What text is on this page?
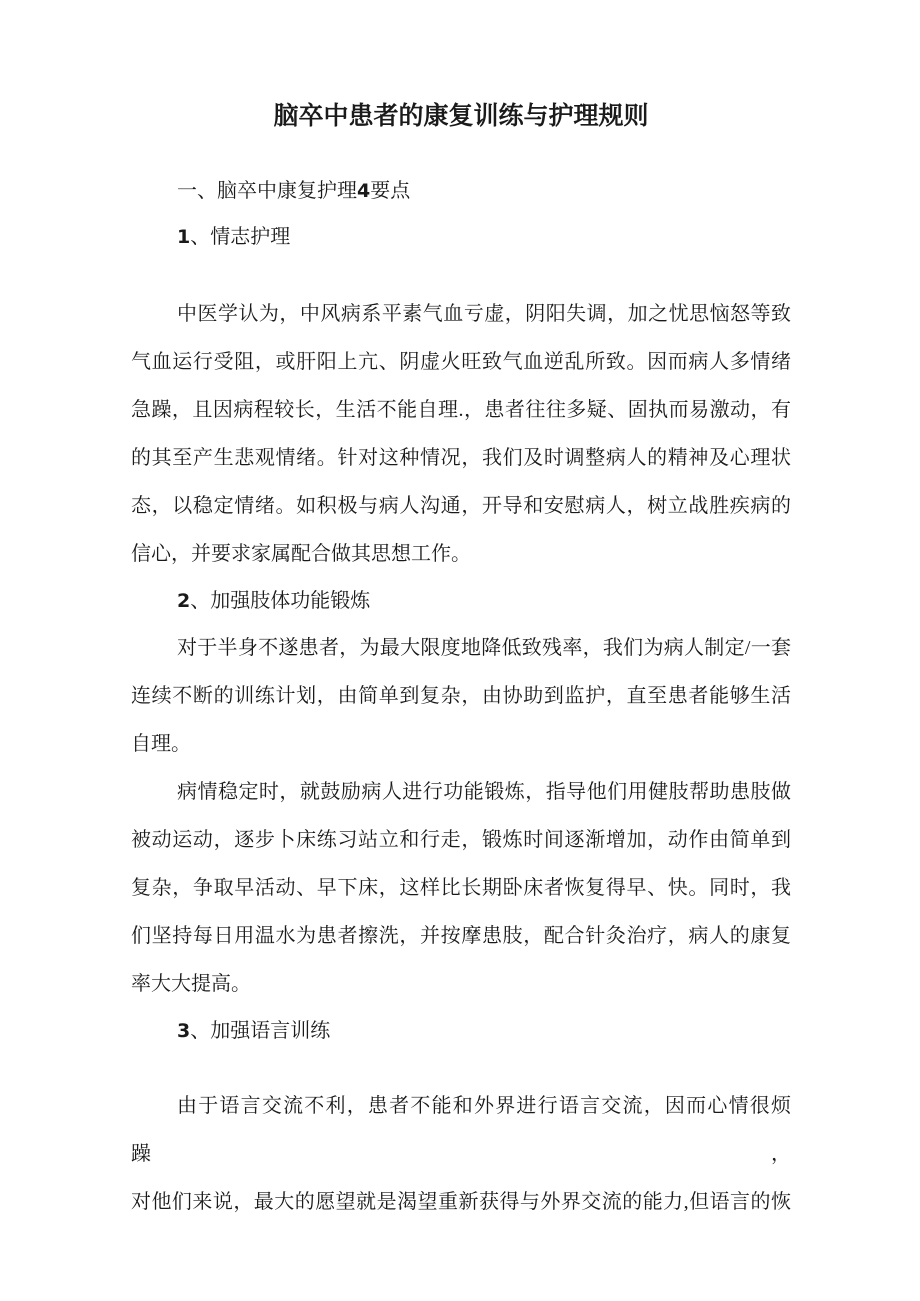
脑卒中患者的康复训练与护理规则
一、脑卒中康复护理4要点
1、情志护理
中医学认为，中风病系平素气血亏虚，阴阳失调，加之忧思恼怒等致
气血运行受阻，或肝阳上亢、阴虚火旺致气血逆乱所致。因而病人多情绪
急躁，且因病程较长，生活不能自理.，患者往往多疑、固执而易激动，有
的其至产生悲观情绪。针对这种情况，我们及时调整病人的精神及心理状
态，以稳定情绪。如积极与病人沟通，开导和安慰病人，树立战胜疾病的
信心，并要求家属配合做其思想工作。
2、加强肢体功能锻炼
对于半身不遂患者，为最大限度地降低致残率，我们为病人制定/一套
连续不断的训练计划，由简单到复杂，由协助到监护，直至患者能够生活
自理。
病情稳定时，就鼓励病人进行功能锻炼，指导他们用健肢帮助患肢做
被动运动，逐步卜床练习站立和行走，锻炼时间逐渐增加，动作由简单到
复杂，争取早活动、早下床，这样比长期卧床者恢复得早、快。同时，我
们坚持每日用温水为患者擦洗，并按摩患肢，配合针灸治疗，病人的康复
率大大提高。
3、加强语言训练
由于语言交流不利，患者不能和外界进行语言交流，因而心情很烦躁，
对他们来说，最大的愿望就是渴望重新获得与外界交流的能力,但语言的恢
